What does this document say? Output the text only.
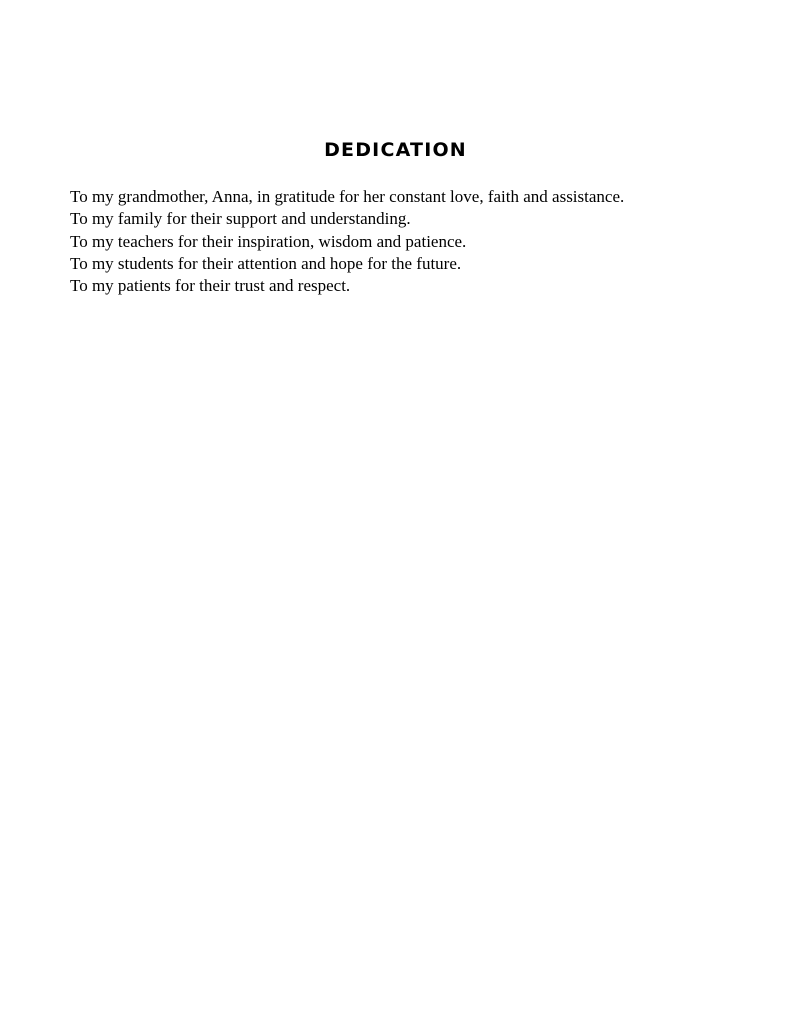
DEDICATION
To my grandmother, Anna, in gratitude for her constant love, faith and assistance.
To my family for their support and understanding.
To my teachers for their inspiration, wisdom and patience.
To my students for their attention and hope for the future.
To my patients for their trust and respect.
